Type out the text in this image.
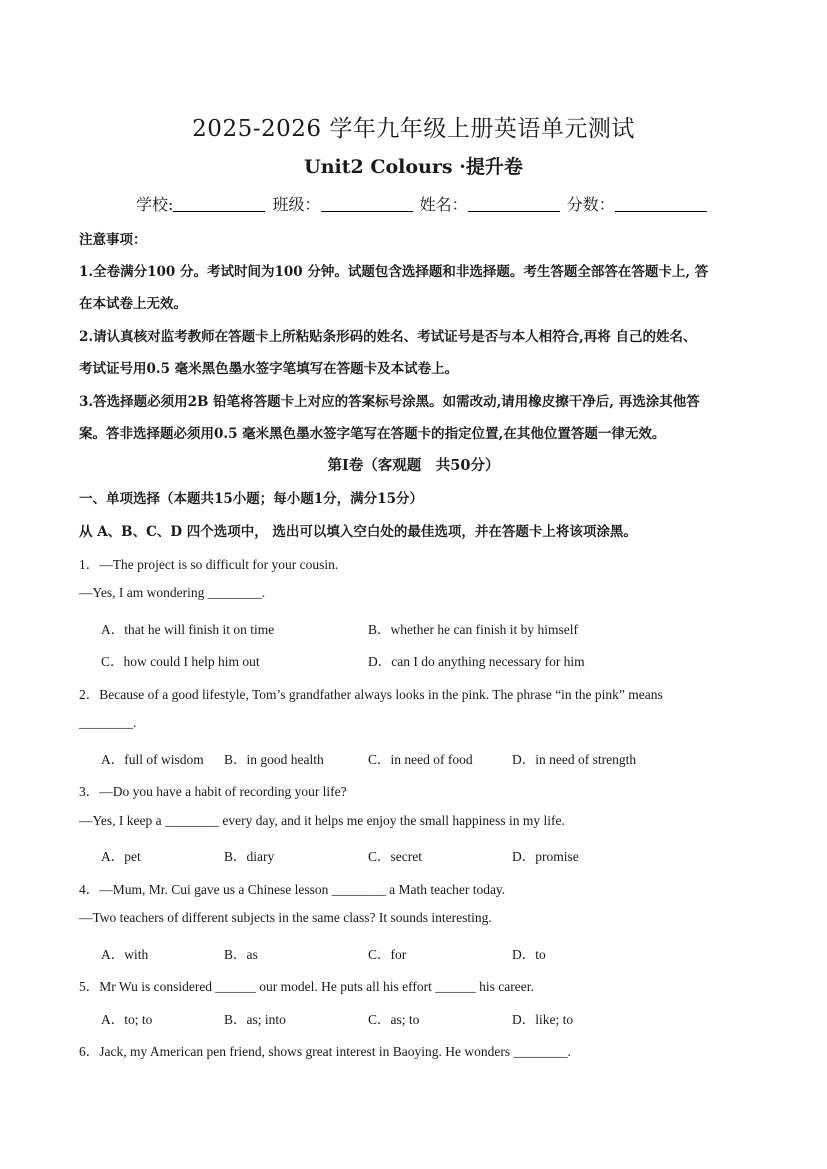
2025-2026 学年九年级上册英语单元测试
Unit2 Colours ·提升卷
学校:	班级：	姓名：	分数：
注意事项：
1.全卷满分100 分。考试时间为100 分钟。试题包含选择题和非选择题。考生答题全部答在答题卡上, 答
在本试卷上无效。
2.请认真核对监考教师在答题卡上所粘贴条形码的姓名、考试证号是否与本人相符合,再将 自己的姓名、
考试证号用0.5 毫米黑色墨水签字笔填写在答题卡及本试卷上。
3.答选择题必须用2B 铅笔将答题卡上对应的答案标号涂黑。如需改动,请用橡皮擦干净后, 再选涂其他答
案。答非选择题必须用0.5 毫米黑色墨水签字笔写在答题卡的指定位置,在其他位置答题一律无效。
第Ⅰ卷（客观题　共50分）
一、单项选择（本题共15小题；每小题1分，满分15分）
从 A、B、C、D 四个选项中， 选出可以填入空白处的最佳选项，并在答题卡上将该项涂黑。
1．—The project is so difficult for your cousin.
—Yes, I am wondering ________.
A．that he will finish it on time	B．whether he can finish it by himself
C．how could I help him out	D．can I do anything necessary for him
2．Because of a good lifestyle, Tom’s grandfather always looks in the pink. The phrase “in the pink” means
________.
A．full of wisdom B．in good health	C．in need of food	D．in need of strength
3．—Do you have a habit of recording your life?
—Yes, I keep a ________ every day, and it helps me enjoy the small happiness in my life.
A．pet	B．diary	C．secret	D．promise
4．—Mum, Mr. Cui gave us a Chinese lesson ________ a Math teacher today.
—Two teachers of different subjects in the same class? It sounds interesting.
A．with	B．as	C．for	D．to
5．Mr Wu is considered ______ our model. He puts all his effort ______ his career.
A．to; to	B．as; into	C．as; to	D．like; to
6．Jack, my American pen friend, shows great interest in Baoying. He wonders ________.
